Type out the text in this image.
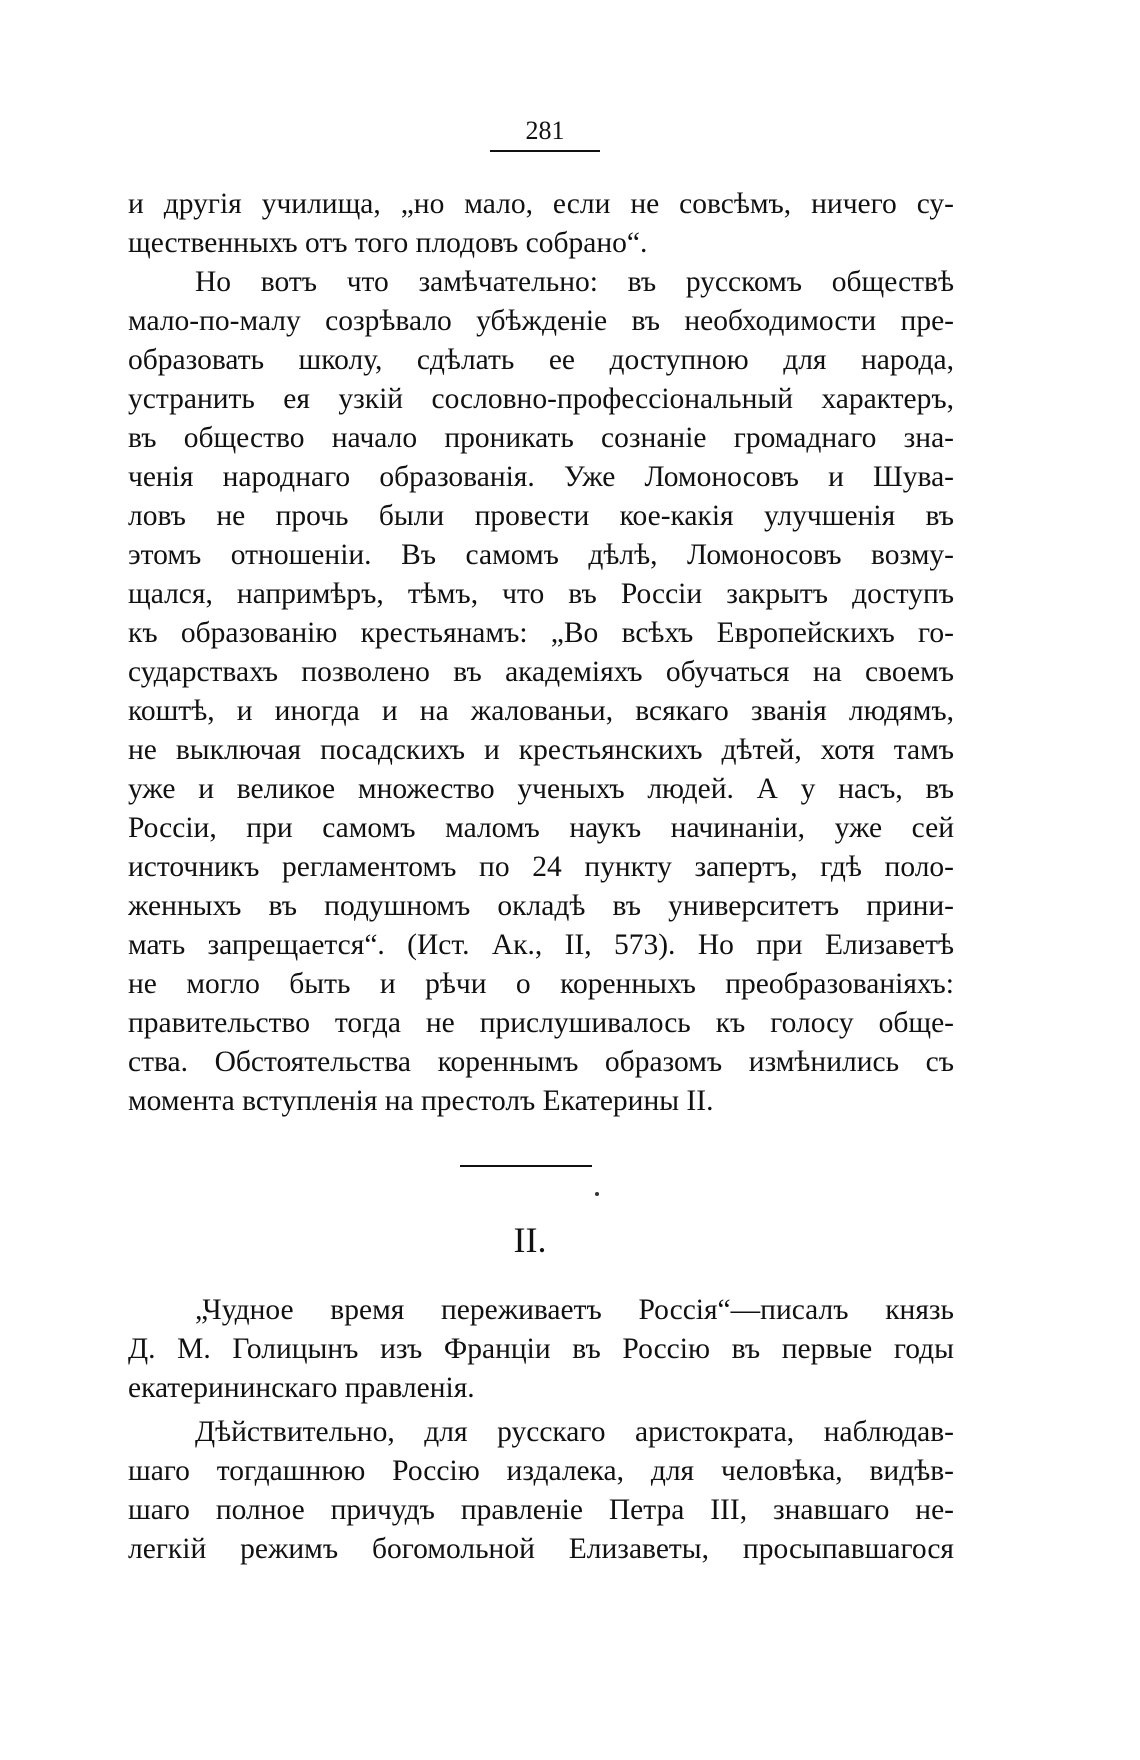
281
и другія училища, „но мало, если не совсѣмъ, ничего су-
щественныхъ отъ того плодовъ собрано“.
Но вотъ что замѣчательно: въ русскомъ обществѣ
мало-по-малу созрѣвало убѣжденіе въ необходимости пре-
образовать школу, сдѣлать ее доступною для народа,
устранить ея узкій сословно-профессіональный характеръ,
въ общество начало проникать сознаніе громаднаго зна-
ченія народнаго образованія. Уже Ломоносовъ и Шува-
ловъ не прочь были провести кое-какія улучшенія въ
этомъ отношеніи. Въ самомъ дѣлѣ, Ломоносовъ возму-
щался, напримѣръ, тѣмъ, что въ Россіи закрытъ доступъ
къ образованію крестьянамъ: „Во всѣхъ Европейскихъ го-
сударствахъ позволено въ академіяхъ обучаться на своемъ
коштѣ, и иногда и на жалованьи, всякаго званія людямъ,
не выключая посадскихъ и крестьянскихъ дѣтей, хотя тамъ
уже и великое множество ученыхъ людей. А у насъ, въ
Россіи, при самомъ маломъ наукъ начинаніи, уже сей
источникъ регламентомъ по 24 пункту запертъ, гдѣ поло-
женныхъ въ подушномъ окладѣ въ университетъ прини-
мать запрещается“. (Ист. Ак., II, 573). Но при Елизаветѣ
не могло быть и рѣчи о коренныхъ преобразованіяхъ:
правительство тогда не прислушивалось къ голосу обще-
ства. Обстоятельства кореннымъ образомъ измѣнились съ
момента вступленія на престолъ Екатерины II.
II.
„Чудное время переживаетъ Россія“—писалъ князь
Д. М. Голицынъ изъ Франціи въ Россію въ первые годы
екатерининскаго правленія.
Дѣйствительно, для русскаго аристократа, наблюдав-
шаго тогдашнюю Россію издалека, для человѣка, видѣв-
шаго полное причудъ правленіе Петра III, знавшаго не-
легкій режимъ богомольной Елизаветы, просыпавшагося
